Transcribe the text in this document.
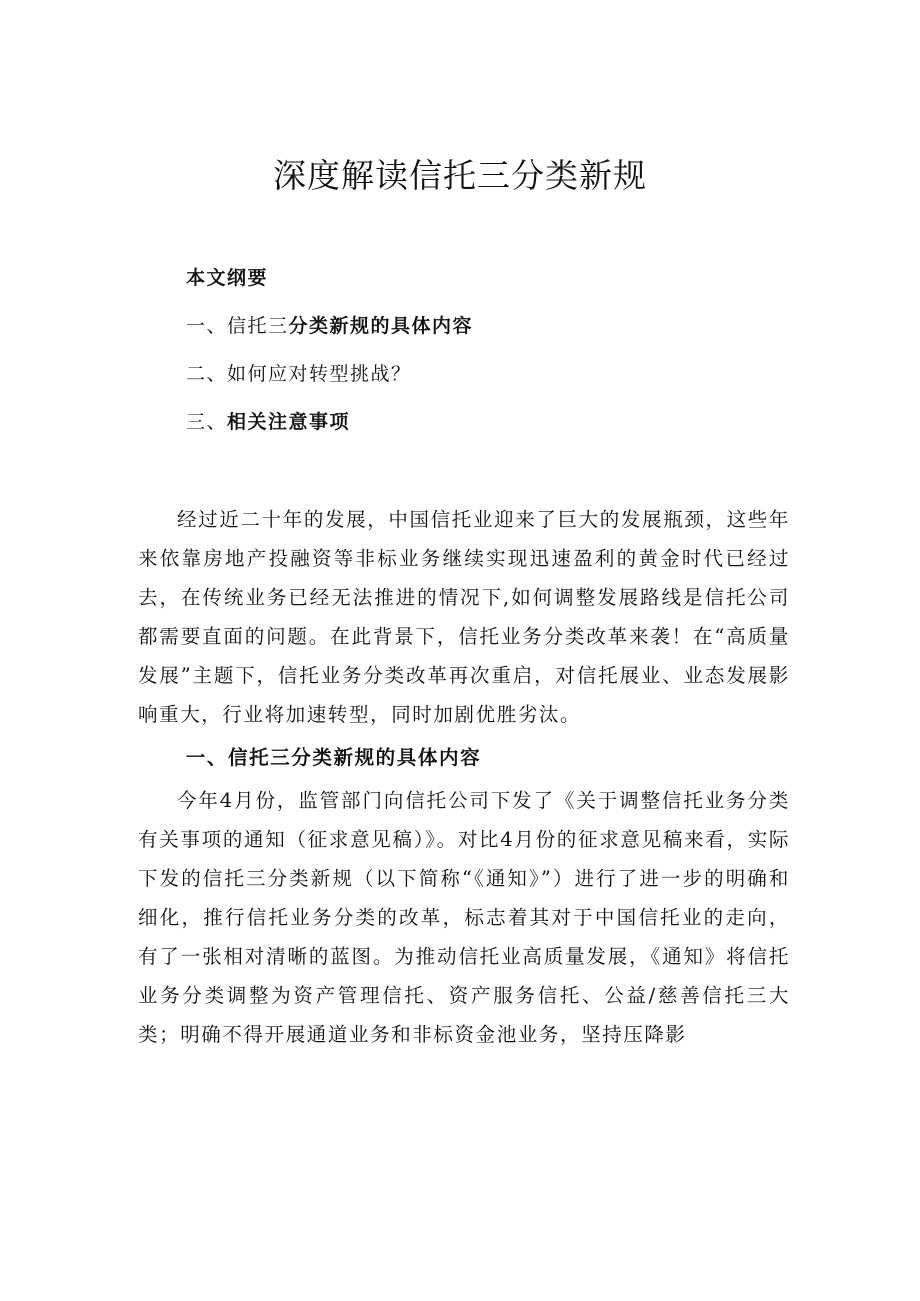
深度解读信托三分类新规
本文纲要
一、信托三分类新规的具体内容
二、如何应对转型挑战？
三、相关注意事项

经过近二十年的发展，中国信托业迎来了巨大的发展瓶颈，这些年来依靠房地产投融资等非标业务继续实现迅速盈利的黄金时代已经过去，在传统业务已经无法推进的情况下,如何调整发展路线是信托公司都需要直面的问题。在此背景下，信托业务分类改革来袭！在“高质量发展”主题下，信托业务分类改革再次重启，对信托展业、业态发展影响重大，行业将加速转型，同时加剧优胜劣汰。

一、信托三分类新规的具体内容

今年4月份，监管部门向信托公司下发了《关于调整信托业务分类有关事项的通知（征求意见稿）》。对比4月份的征求意见稿来看，实际下发的信托三分类新规（以下简称“《通知》”）进行了进一步的明确和细化，推行信托业务分类的改革，标志着其对于中国信托业的走向，有了一张相对清晰的蓝图。为推动信托业高质量发展，《通知》将信托业务分类调整为资产管理信托、资产服务信托、公益/慈善信托三大类；明确不得开展通道业务和非标资金池业务，坚持压降影
